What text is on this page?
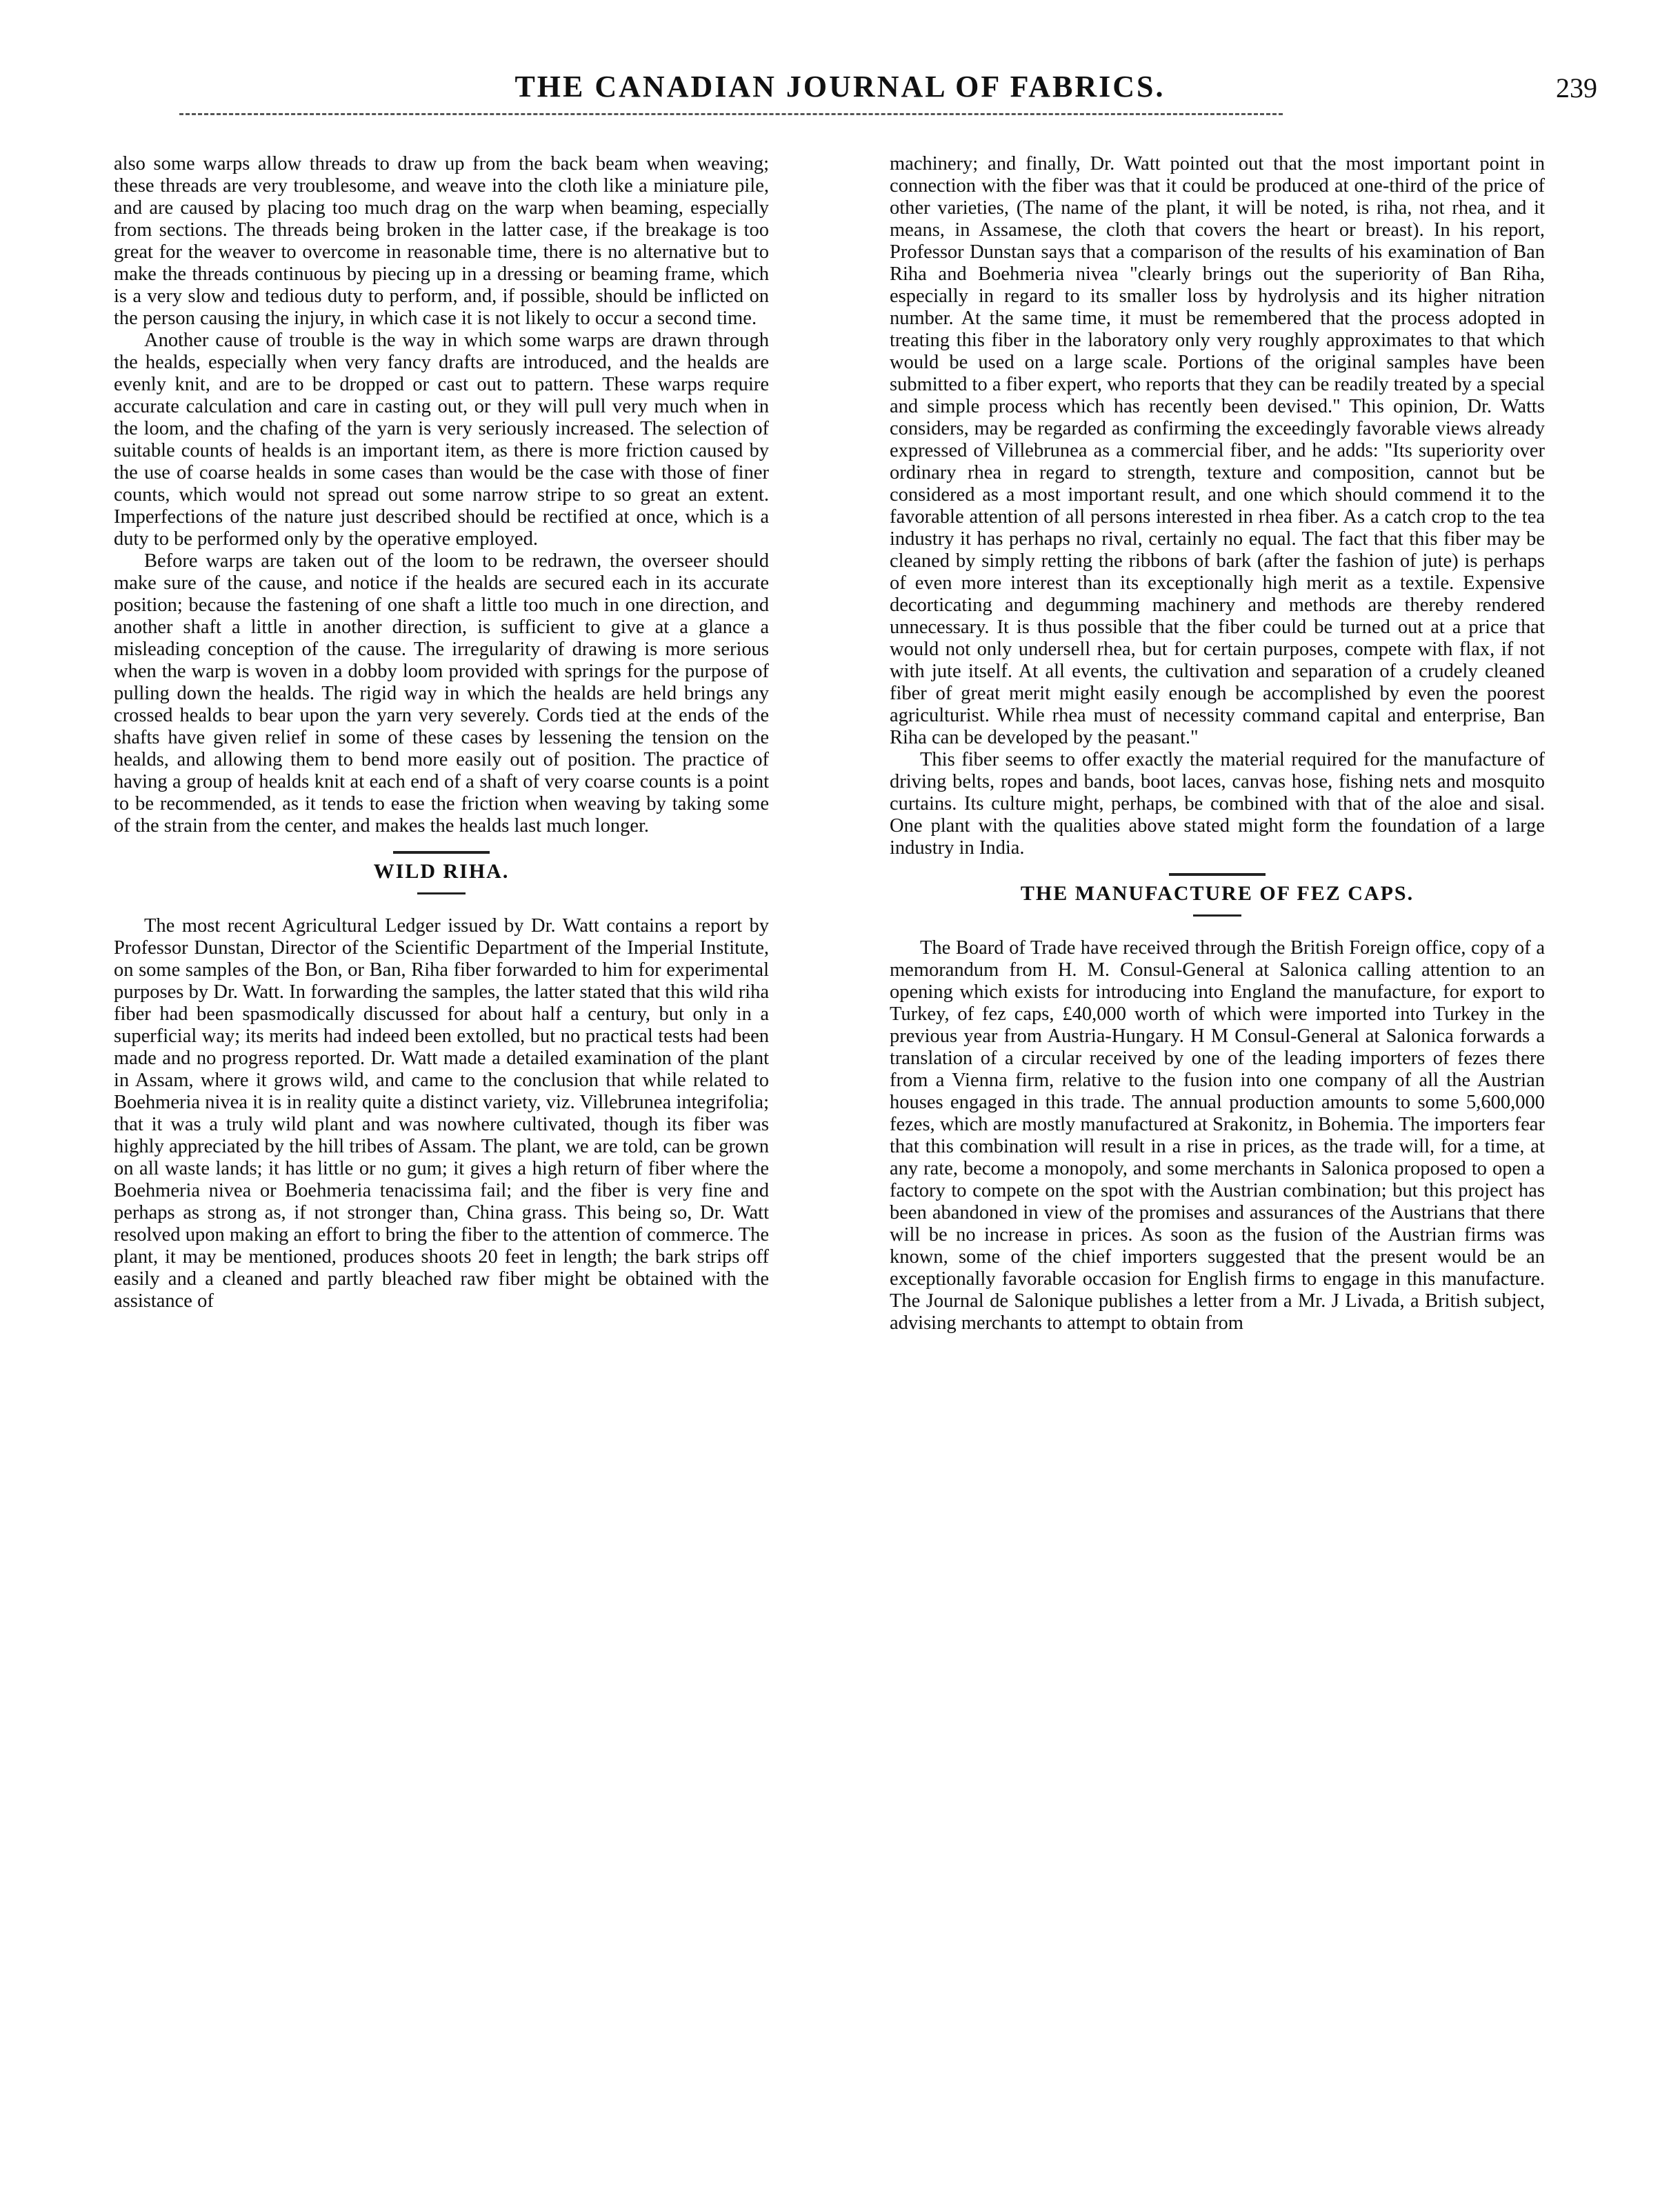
THE CANADIAN JOURNAL OF FABRICS.	239

also some warps allow threads to draw up from the back beam when weaving; these threads are very troublesome, and weave into the cloth like a miniature pile, and are caused by placing too much drag on the warp when beaming, especially from sections. The threads being broken in the latter case, if the breakage is too great for the weaver to overcome in reasonable time, there is no alternative but to make the threads continuous by piecing up in a dressing or beaming frame, which is a very slow and tedious duty to perform, and, if possible, should be inflicted on the person causing the injury, in which case it is not likely to occur a second time.

Another cause of trouble is the way in which some warps are drawn through the healds, especially when very fancy drafts are introduced, and the healds are evenly knit, and are to be dropped or cast out to pattern. These warps require accurate calculation and care in casting out, or they will pull very much when in the loom, and the chafing of the yarn is very seriously increased. The selection of suitable counts of healds is an important item, as there is more friction caused by the use of coarse healds in some cases than would be the case with those of finer counts, which would not spread out some narrow stripe to so great an extent. Imperfections of the nature just described should be rectified at once, which is a duty to be performed only by the operative employed.

Before warps are taken out of the loom to be redrawn, the overseer should make sure of the cause, and notice if the healds are secured each in its accurate position; because the fastening of one shaft a little too much in one direction, and another shaft a little in another direction, is sufficient to give at a glance a misleading conception of the cause. The irregularity of drawing is more serious when the warp is woven in a dobby loom provided with springs for the purpose of pulling down the healds. The rigid way in which the healds are held brings any crossed healds to bear upon the yarn very severely. Cords tied at the ends of the shafts have given relief in some of these cases by lessening the tension on the healds, and allowing them to bend more easily out of position. The practice of having a group of healds knit at each end of a shaft of very coarse counts is a point to be recommended, as it tends to ease the friction when weaving by taking some of the strain from the center, and makes the healds last much longer.

WILD RIHA.

The most recent Agricultural Ledger issued by Dr. Watt contains a report by Professor Dunstan, Director of the Scientific Department of the Imperial Institute, on some samples of the Bon, or Ban, Riha fiber forwarded to him for experimental purposes by Dr. Watt. In forwarding the samples, the latter stated that this wild riha fiber had been spasmodically discussed for about half a century, but only in a superficial way; its merits had indeed been extolled, but no practical tests had been made and no progress reported. Dr. Watt made a detailed examination of the plant in Assam, where it grows wild, and came to the conclusion that while related to Boehmeria nivea it is in reality quite a distinct variety, viz. Villebrunea integrifolia; that it was a truly wild plant and was nowhere cultivated, though its fiber was highly appreciated by the hill tribes of Assam. The plant, we are told, can be grown on all waste lands; it has little or no gum; it gives a high return of fiber where the Boehmeria nivea or Boehmeria tenacissima fail; and the fiber is very fine and perhaps as strong as, if not stronger than, China grass. This being so, Dr. Watt resolved upon making an effort to bring the fiber to the attention of commerce. The plant, it may be mentioned, produces shoots 20 feet in length; the bark strips off easily and a cleaned and partly bleached raw fiber might be obtained with the assistance of

machinery; and finally, Dr. Watt pointed out that the most important point in connection with the fiber was that it could be produced at one-third of the price of other varieties, (The name of the plant, it will be noted, is riha, not rhea, and it means, in Assamese, the cloth that covers the heart or breast). In his report, Professor Dunstan says that a comparison of the results of his examination of Ban Riha and Boehmeria nivea "clearly brings out the superiority of Ban Riha, especially in regard to its smaller loss by hydrolysis and its higher nitration number. At the same time, it must be remembered that the process adopted in treating this fiber in the laboratory only very roughly approximates to that which would be used on a large scale. Portions of the original samples have been submitted to a fiber expert, who reports that they can be readily treated by a special and simple process which has recently been devised." This opinion, Dr. Watts considers, may be regarded as confirming the exceedingly favorable views already expressed of Villebrunea as a commercial fiber, and he adds: "Its superiority over ordinary rhea in regard to strength, texture and composition, cannot but be considered as a most important result, and one which should commend it to the favorable attention of all persons interested in rhea fiber. As a catch crop to the tea industry it has perhaps no rival, certainly no equal. The fact that this fiber may be cleaned by simply retting the ribbons of bark (after the fashion of jute) is perhaps of even more interest than its exceptionally high merit as a textile. Expensive decorticating and degumming machinery and methods are thereby rendered unnecessary. It is thus possible that the fiber could be turned out at a price that would not only undersell rhea, but for certain purposes, compete with flax, if not with jute itself. At all events, the cultivation and separation of a crudely cleaned fiber of great merit might easily enough be accomplished by even the poorest agriculturist. While rhea must of necessity command capital and enterprise, Ban Riha can be developed by the peasant."

This fiber seems to offer exactly the material required for the manufacture of driving belts, ropes and bands, boot laces, canvas hose, fishing nets and mosquito curtains. Its culture might, perhaps, be combined with that of the aloe and sisal. One plant with the qualities above stated might form the foundation of a large industry in India.

THE MANUFACTURE OF FEZ CAPS.

The Board of Trade have received through the British Foreign office, copy of a memorandum from H. M. Consul-General at Salonica calling attention to an opening which exists for introducing into England the manufacture, for export to Turkey, of fez caps, £40,000 worth of which were imported into Turkey in the previous year from Austria-Hungary. H M Consul-General at Salonica forwards a translation of a circular received by one of the leading importers of fezes there from a Vienna firm, relative to the fusion into one company of all the Austrian houses engaged in this trade. The annual production amounts to some 5,600,000 fezes, which are mostly manufactured at Srakonitz, in Bohemia. The importers fear that this combination will result in a rise in prices, as the trade will, for a time, at any rate, become a monopoly, and some merchants in Salonica proposed to open a factory to compete on the spot with the Austrian combination; but this project has been abandoned in view of the promises and assurances of the Austrians that there will be no increase in prices. As soon as the fusion of the Austrian firms was known, some of the chief importers suggested that the present would be an exceptionally favorable occasion for English firms to engage in this manufacture. The Journal de Salonique publishes a letter from a Mr. J Livada, a British subject, advising merchants to attempt to obtain from
